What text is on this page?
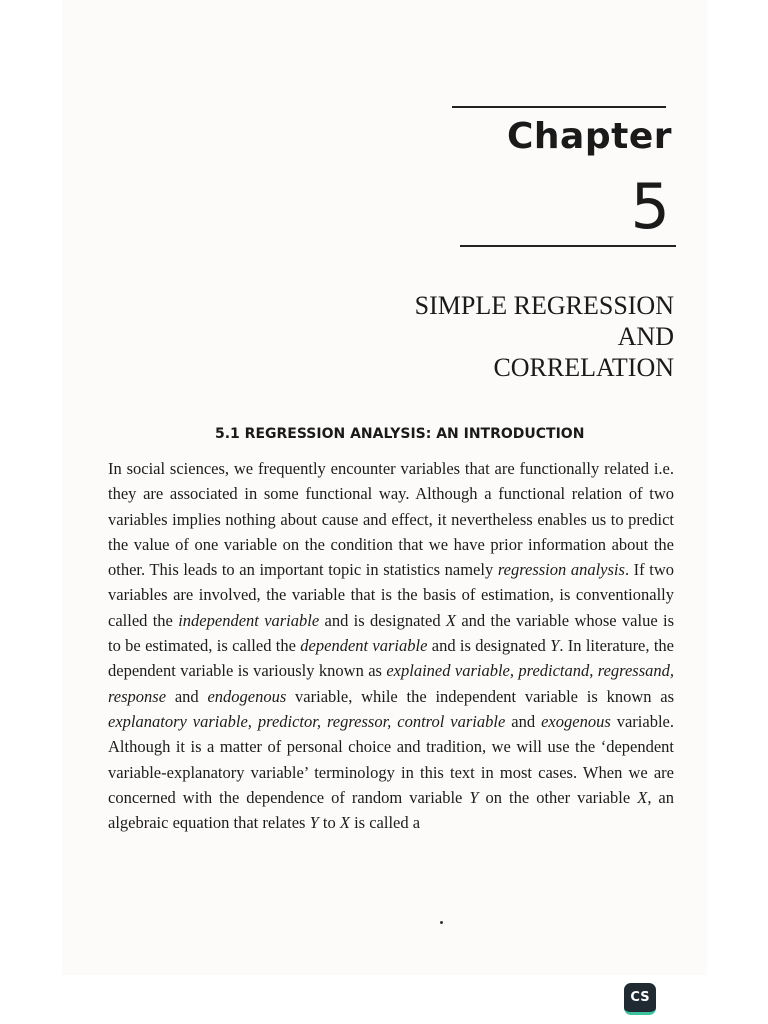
Chapter
5
SIMPLE REGRESSION
AND
CORRELATION
5.1 REGRESSION ANALYSIS: AN INTRODUCTION
In social sciences, we frequently encounter variables that are functionally related i.e. they are associated in some functional way. Although a functional relation of two variables implies nothing about cause and effect, it nevertheless enables us to predict the value of one variable on the condition that we have prior information about the other. This leads to an important topic in statistics namely regression analysis. If two variables are involved, the variable that is the basis of estimation, is conventionally called the independent variable and is designated X and the variable whose value is to be estimated, is called the dependent variable and is designated Y. In literature, the dependent variable is variously known as explained variable, predictand, regressand, response and endogenous variable, while the independent variable is known as explanatory variable, predictor, regressor, control variable and exogenous variable. Although it is a matter of personal choice and tradition, we will use the ‘dependent variable-explanatory variable’ terminology in this text in most cases. When we are concerned with the dependence of random variable Y on the other variable X, an algebraic equation that relates Y to X is called a
CS
